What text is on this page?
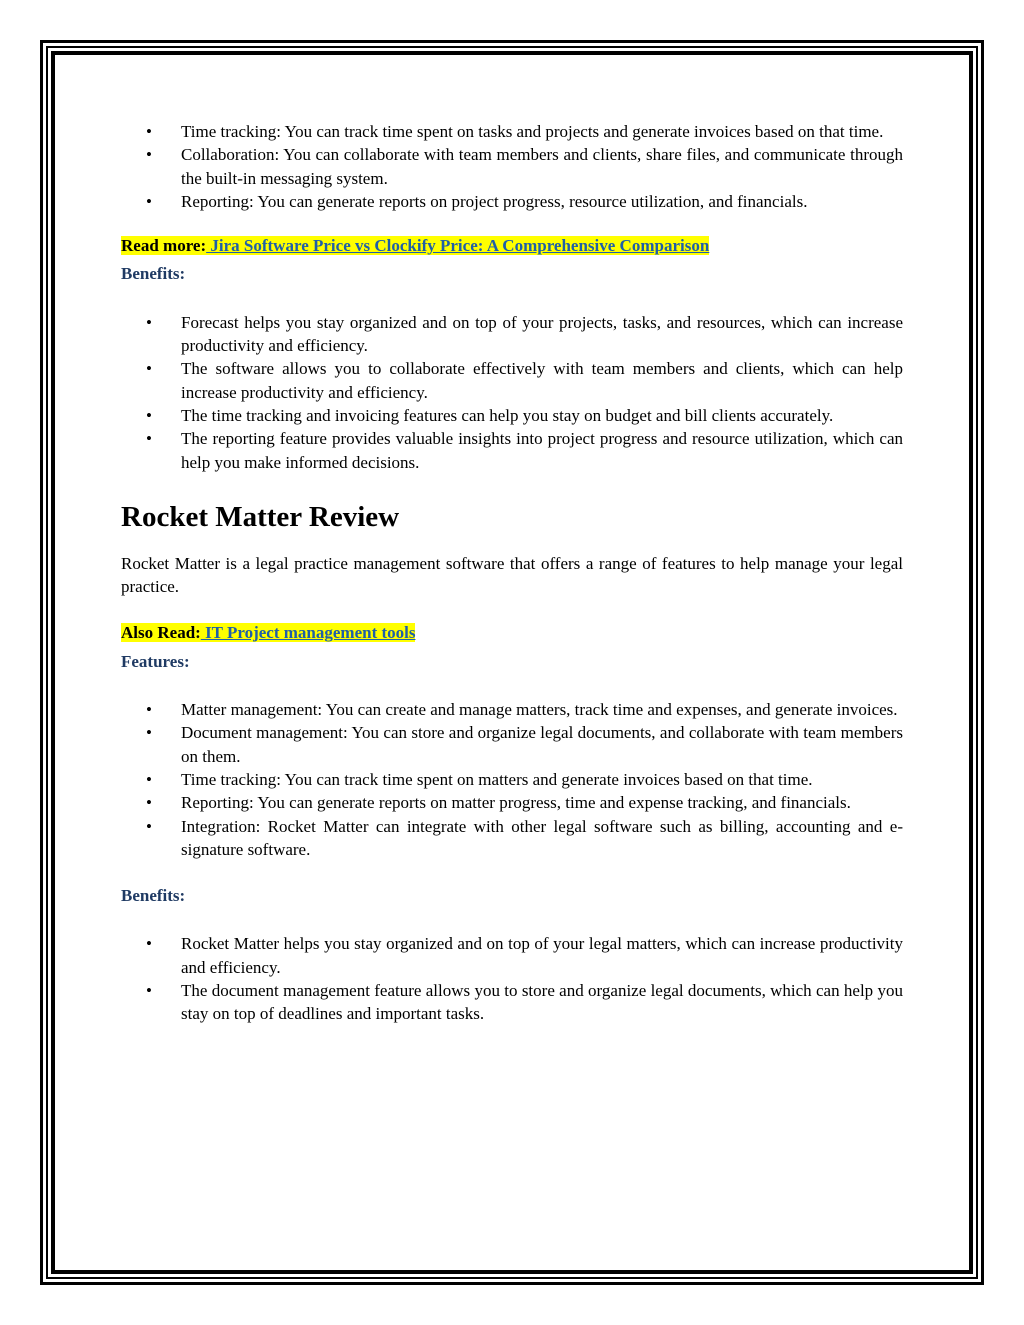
• Time tracking: You can track time spent on tasks and projects and generate invoices based on that time.
• Collaboration: You can collaborate with team members and clients, share files, and communicate through the built-in messaging system.
• Reporting: You can generate reports on project progress, resource utilization, and financials.
Read more: Jira Software Price vs Clockify Price: A Comprehensive Comparison
Benefits:
• Forecast helps you stay organized and on top of your projects, tasks, and resources, which can increase productivity and efficiency.
• The software allows you to collaborate effectively with team members and clients, which can help increase productivity and efficiency.
• The time tracking and invoicing features can help you stay on budget and bill clients accurately.
• The reporting feature provides valuable insights into project progress and resource utilization, which can help you make informed decisions.
Rocket Matter Review

Rocket Matter is a legal practice management software that offers a range of features to help manage your legal practice.

Also Read: IT Project management tools
Features:
• Matter management: You can create and manage matters, track time and expenses, and generate invoices.
• Document management: You can store and organize legal documents, and collaborate with team members on them.
• Time tracking: You can track time spent on matters and generate invoices based on that time.
• Reporting: You can generate reports on matter progress, time and expense tracking, and financials.
• Integration: Rocket Matter can integrate with other legal software such as billing, accounting and e-signature software.
Benefits:
• Rocket Matter helps you stay organized and on top of your legal matters, which can increase productivity and efficiency.
• The document management feature allows you to store and organize legal documents, which can help you stay on top of deadlines and important tasks.
